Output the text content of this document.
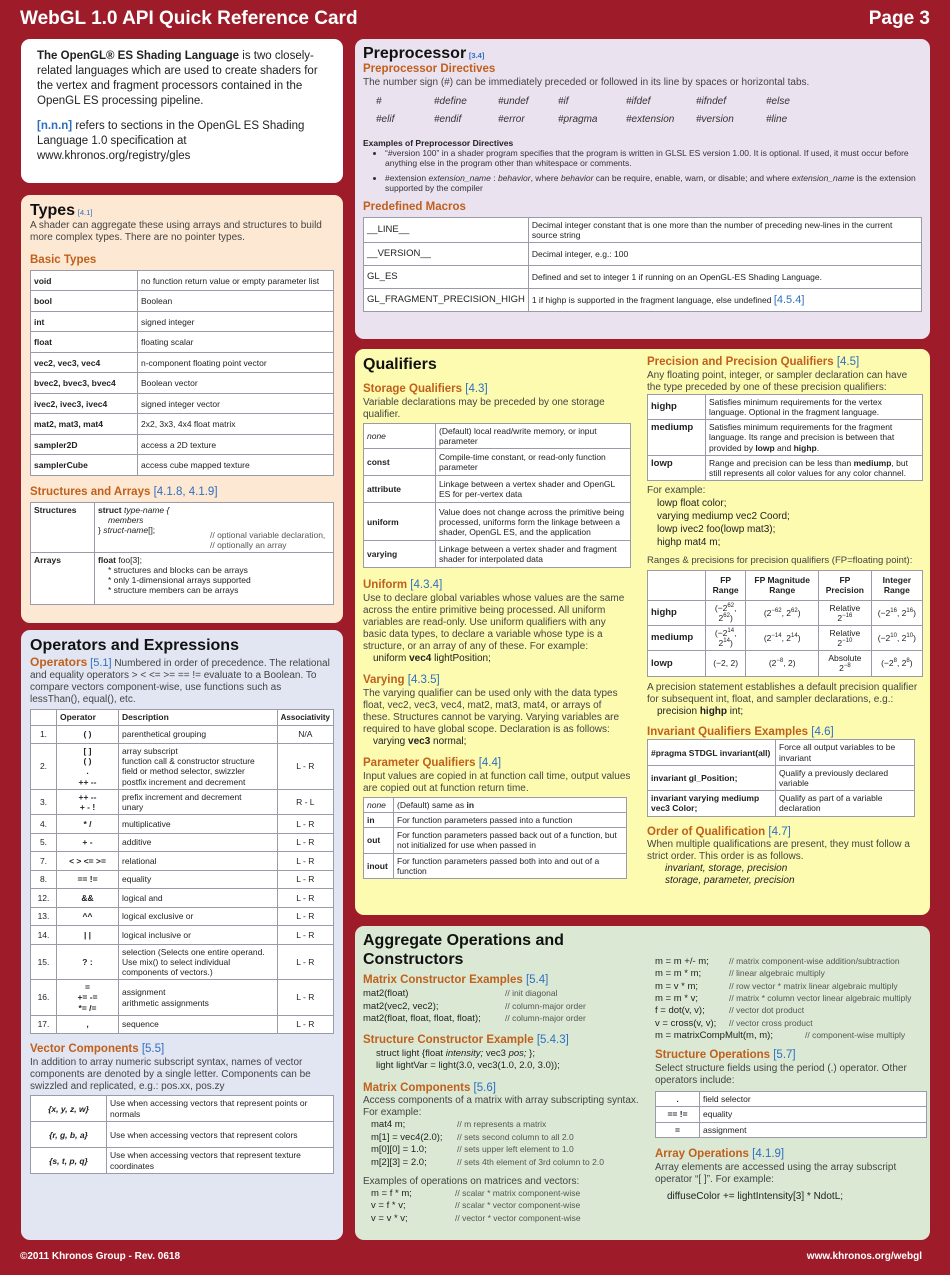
WebGL 1.0 API Quick Reference Card	Page 3

The OpenGL® ES Shading Language is two closely-related languages which are used to create shaders for the vertex and fragment processors contained in the OpenGL ES processing pipeline.

[n.n.n] refers to sections in the OpenGL ES Shading Language 1.0 specification at www.khronos.org/registry/gles

Types [4.1]

A shader can aggregate these using arrays and structures to build more complex types. There are no pointer types.

Basic Types
void	no function return value or empty parameter list
bool	Boolean
int	signed integer
float	floating scalar
vec2, vec3, vec4	n-component floating point vector
bvec2, bvec3, bvec4	Boolean vector
ivec2, ivec3, ivec4	signed integer vector
mat2, mat3, mat4	2x2, 3x3, 4x4 float matrix
sampler2D	access a 2D texture
samplerCube	access cube mapped texture
Structures and Arrays [4.1.8, 4.1.9]
Structures	struct type-name {
members
} struct-name[]; // optional variable declaration,
// optionally an array

Arrays	float foo[3];
* structures and blocks can be arrays
* only 1-dimensional arrays supported
* structure members can be arrays
Operators and Expressions

Operators [5.1] Numbered in order of precedence. The relational and equality operators > < <= >= == != evaluate to a Boolean. To compare vectors component-wise, use functions such as lessThan(), equal(), etc.

	Operator	Description	Associativity
1.	( )	parenthetical grouping	N/A
2.	[ ]
( )
.
++ --	array subscript
function call & constructor structure
field or method selector, swizzler
postfix increment and decrement	L - R
3.	++ --
+ - !	prefix increment and decrement
unary	R - L
4.	* /	multiplicative	L - R
5.	+ -	additive	L - R
7.	< > <= >=	relational	L - R
8.	== !=	equality	L - R
12.	&&	logical and	L - R
13.	^^	logical exclusive or	L - R
14.	| |	logical inclusive or	L - R
15.	? :	selection (Selects one entire operand. Use mix() to select individual components of vectors.)	L - R
16.	=
+= -=
*= /=	assignment
arithmetic assignments	L - R
17.	,	sequence	L - R
Vector Components [5.5]

In addition to array numeric subscript syntax, names of vector components are denoted by a single letter. Components can be swizzled and replicated, e.g.: pos.xx, pos.zy

{x, y, z, w}	Use when accessing vectors that represent points or normals
{r, g, b, a}	Use when accessing vectors that represent colors
{s, t, p, q}	Use when accessing vectors that represent texture coordinates
Preprocessor [3.4]
Preprocessor Directives

The number sign (#) can be immediately preceded or followed in its line by spaces or horizontal tabs.

#	#define	#undef	#if	#ifdef	#ifndef	#else
#elif	#endif	#error	#pragma	#extension	#version	#line
Examples of Preprocessor Directives
• “#version 100” in a shader program specifies that the program is written in GLSL ES version 1.00. It is optional. If used, it must occur before anything else in the program other than whitespace or comments.
• #extension extension_name : behavior, where behavior can be require, enable, warn, or disable; and where extension_name is the extension supported by the compiler
Predefined Macros
__LINE__	Decimal integer constant that is one more than the number of preceding new-lines in the current source string
__VERSION__	Decimal integer, e.g.: 100
GL_ES	Defined and set to integer 1 if running on an OpenGL-ES Shading Language.
GL_FRAGMENT_PRECISION_HIGH	1 if highp is supported in the fragment language, else undefined [4.5.4]
Qualifiers
Storage Qualifiers [4.3]

Variable declarations may be preceded by one storage qualifier.

none	(Default) local read/write memory, or input parameter
const	Compile-time constant, or read-only function parameter
attribute	Linkage between a vertex shader and OpenGL ES for per-vertex data
uniform	Value does not change across the primitive being processed, uniforms form the linkage between a shader, OpenGL ES, and the application
varying	Linkage between a vertex shader and fragment shader for interpolated data
Uniform [4.3.4]

Use to declare global variables whose values are the same across the entire primitive being processed. All uniform variables are read-only. Use uniform qualifiers with any basic data types, to declare a variable whose type is a structure, or an array of any of these. For example:

uniform vec4 lightPosition;

Varying [4.3.5]

The varying qualifier can be used only with the data types float, vec2, vec3, vec4, mat2, mat3, mat4, or arrays of these. Structures cannot be varying. Varying variables are required to have global scope. Declaration is as follows:

varying vec3 normal;

Parameter Qualifiers [4.4]

Input values are copied in at function call time, output values are copied out at function return time.

none	(Default) same as in
in	For function parameters passed into a function
out	For function parameters passed back out of a function, but not initialized for use when passed in
inout	For function parameters passed both into and out of a function
Precision and Precision Qualifiers [4.5]

Any floating point, integer, or sampler declaration can have the type preceded by one of these precision qualifiers:

highp	Satisfies minimum requirements for the vertex language. Optional in the fragment language.
mediump	Satisfies minimum requirements for the fragment language. Its range and precision is between that provided by lowp and highp.
lowp	Range and precision can be less than mediump, but still represents all color values for any color channel.

For example:

lowp float color;
varying mediump vec2 Coord;
lowp ivec2 foo(lowp mat3);
highp mat4 m;

Ranges & precisions for precision qualifiers (FP=floating point):

	FP Range	FP Magnitude Range	FP Precision	Integer Range
highp	($-2^{62}$, $2^{62}$)	($2^{-62}$, $2^{62}$)	Relative $2^{-16}$	($-2^{16}$, $2^{16}$)
mediump	($-2^{14}$, $2^{14}$)	($2^{-14}$, $2^{14}$)	Relative $2^{-10}$	($-2^{10}$, $2^{10}$)
lowp	(−2, 2)	($2^{-8}$, 2)	Absolute $2^{-8}$	($-2^8$, $2^8$)

A precision statement establishes a default precision qualifier for subsequent int, float, and sampler declarations, e.g.:

precision highp int;

Invariant Qualifiers Examples [4.6]
#pragma STDGL invariant(all)	Force all output variables to be invariant
invariant gl_Position;	Qualify a previously declared variable
invariant varying mediump vec3 Color;	Qualify as part of a variable declaration
Order of Qualification [4.7]

When multiple qualifications are present, they must follow a strict order. This order is as follows.

invariant, storage, precision

storage, parameter, precision

Aggregate Operations and Constructors
Matrix Constructor Examples [5.4]
mat2(float)	// init diagonal
mat2(vec2, vec2);	// column-major order
mat2(float, float, float, float);	// column-major order
Structure Constructor Example [5.4.3]
struct light {float intensity; vec3 pos; };
light lightVar = light(3.0, vec3(1.0, 2.0, 3.0));
Matrix Components [5.6]

Access components of a matrix with array subscripting syntax. For example:

mat4 m;	// m represents a matrix
m[1] = vec4(2.0);	// sets second column to all 2.0
m[0][0] = 1.0;	// sets upper left element to 1.0
m[2][3] = 2.0;	// sets 4th element of 3rd column to 2.0

Examples of operations on matrices and vectors:

m = f * m;	// scalar * matrix component-wise
v = f * v;	// scalar * vector component-wise
v = v * v;	// vector * vector component-wise
m = m +/- m;	// matrix component-wise addition/subtraction
m = m * m;	// linear algebraic multiply
m = v * m;	// row vector * matrix linear algebraic multiply
m = m * v;	// matrix * column vector linear algebraic multiply
f = dot(v, v);	// vector dot product
v = cross(v, v);	// vector cross product
m = matrixCompMult(m, m);	// component-wise multiply
Structure Operations [5.7]

Select structure fields using the period (.) operator. Other operators include:

.	field selector
== !=	equality
=	assignment
Array Operations [4.1.9]

Array elements are accessed using the array subscript operator “[ ]”. For example:

diffuseColor += lightIntensity[3] * NdotL;

©2011 Khronos Group - Rev. 0618	www.khronos.org/webgl
